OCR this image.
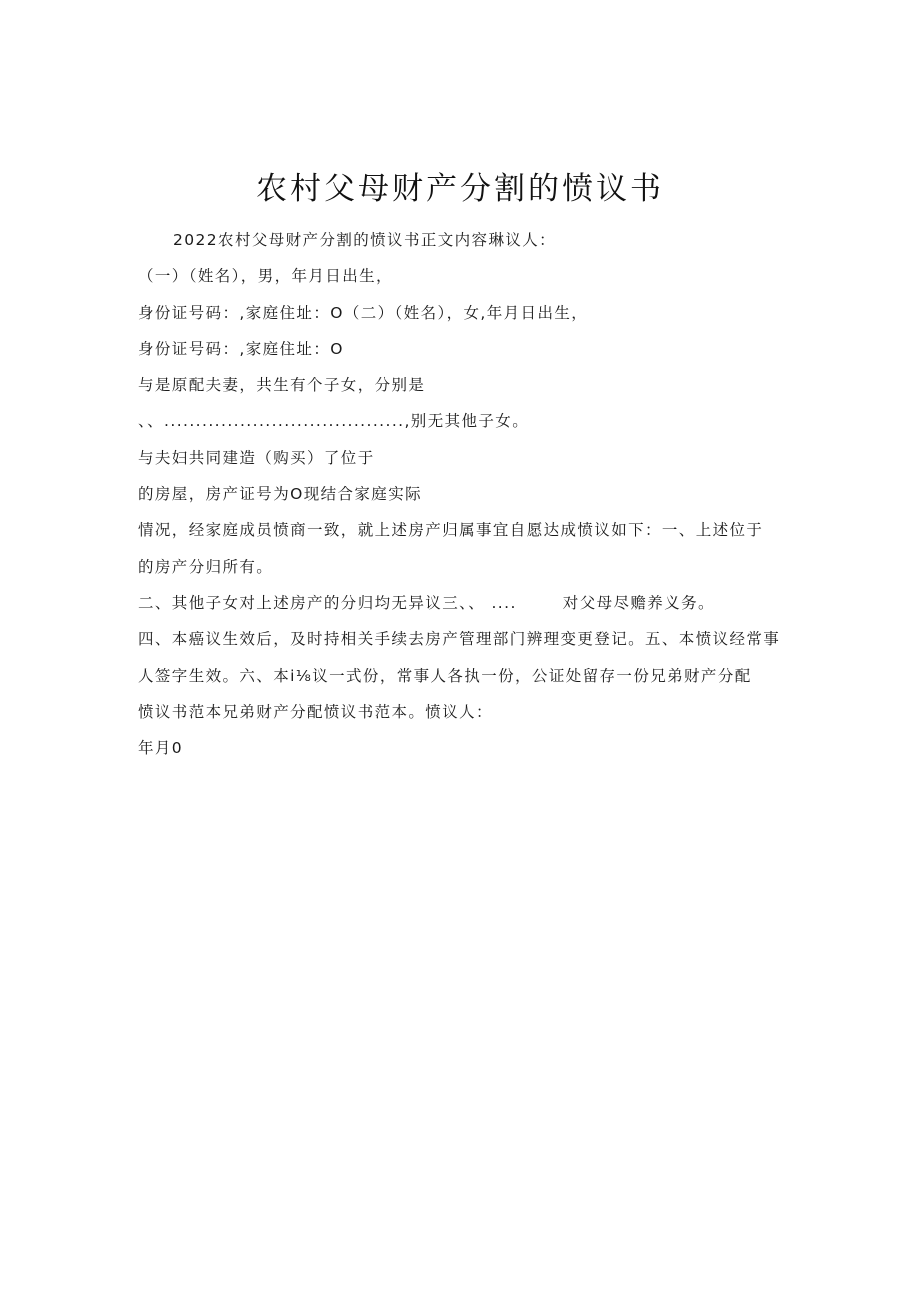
农村父母财产分割的愤议书
2022农村父母财产分割的愤议书正文内容琳议人：
（一）（姓名），男，年月日出生，
身份证号码：,家庭住址：O（二）（姓名），女,年月日出生，
身份证号码：,家庭住址：O
与是原配夫妻，共生有个子女，分别是
、、......................................,别无其他子女。
与夫妇共同建造（购买）了位于
的房屋，房产证号为O现结合家庭实际
情况，经家庭成员愤商一致，就上述房产归属事宜自愿达成愤议如下：一、上述位于
的房产分归所有。
二、其他子女对上述房产的分归均无异议三、、 ....	对父母尽赡养义务。
四、本癌议生效后，及时持相关手续去房产管理部门辨理变更登记。五、本愤议经常事
人签字生效。六、本i⅛议一式份，常事人各执一份，公证处留存一份兄弟财产分配
愤议书范本兄弟财产分配愤议书范本。愤议人：
年月0
